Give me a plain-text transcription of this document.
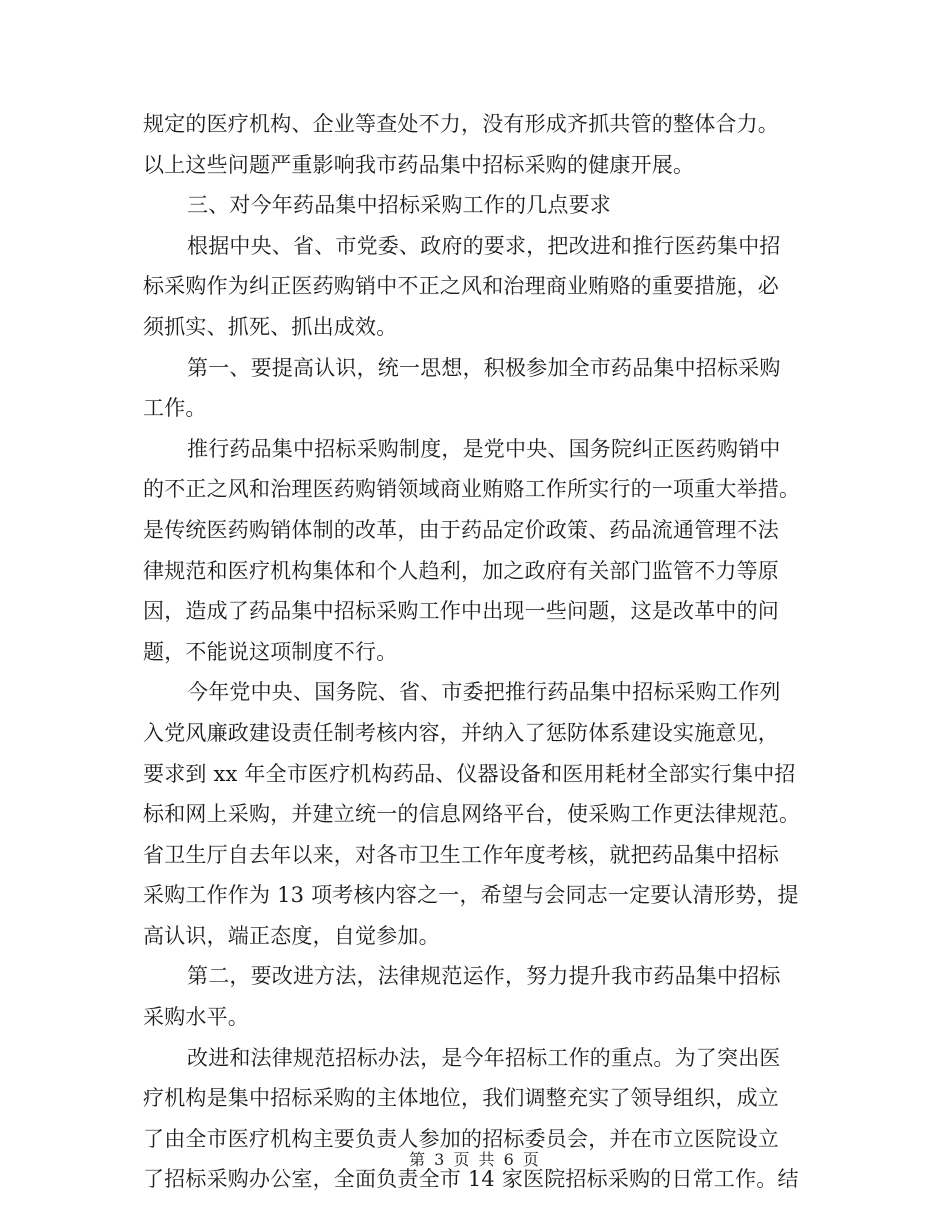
规定的医疗机构、企业等查处不力，没有形成齐抓共管的整体合力。
以上这些问题严重影响我市药品集中招标采购的健康开展。
三、对今年药品集中招标采购工作的几点要求
根据中央、省、市党委、政府的要求，把改进和推行医药集中招
标采购作为纠正医药购销中不正之风和治理商业贿赂的重要措施，必
须抓实、抓死、抓出成效。
第一、要提高认识，统一思想，积极参加全市药品集中招标采购
工作。
推行药品集中招标采购制度，是党中央、国务院纠正医药购销中
的不正之风和治理医药购销领域商业贿赂工作所实行的一项重大举措。
是传统医药购销体制的改革，由于药品定价政策、药品流通管理不法
律规范和医疗机构集体和个人趋利，加之政府有关部门监管不力等原
因，造成了药品集中招标采购工作中出现一些问题，这是改革中的问
题，不能说这项制度不行。
今年党中央、国务院、省、市委把推行药品集中招标采购工作列
入党风廉政建设责任制考核内容，并纳入了惩防体系建设实施意见，
要求到 xx 年全市医疗机构药品、仪器设备和医用耗材全部实行集中招
标和网上采购，并建立统一的信息网络平台，使采购工作更法律规范。
省卫生厅自去年以来，对各市卫生工作年度考核，就把药品集中招标
采购工作作为 13 项考核内容之一，希望与会同志一定要认清形势，提
高认识，端正态度，自觉参加。
第二，要改进方法，法律规范运作，努力提升我市药品集中招标
采购水平。
改进和法律规范招标办法，是今年招标工作的重点。为了突出医
疗机构是集中招标采购的主体地位，我们调整充实了领导组织，成立
了由全市医疗机构主要负责人参加的招标委员会，并在市立医院设立
了招标采购办公室，全面负责全市 14 家医院招标采购的日常工作。结
第 3 页 共 6 页
